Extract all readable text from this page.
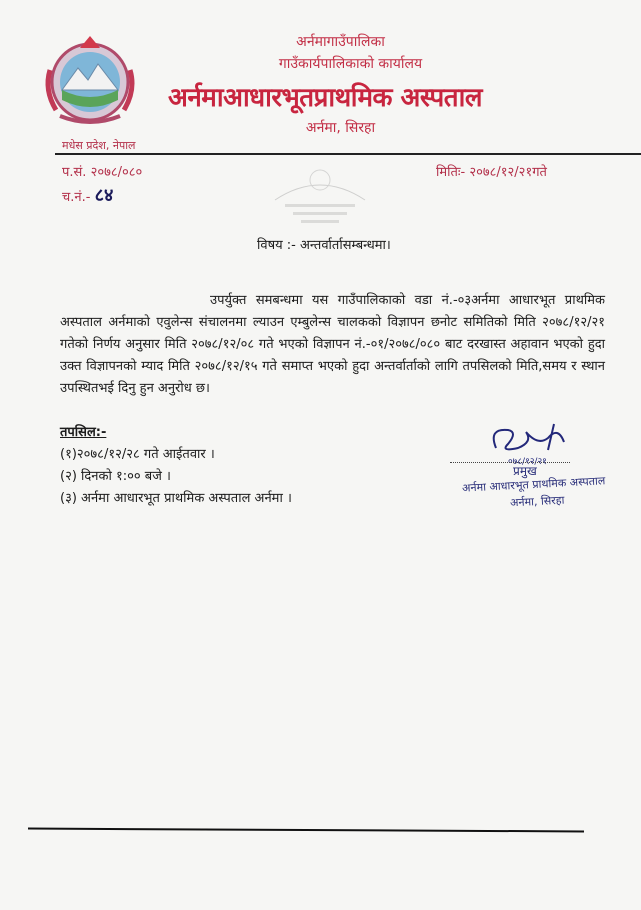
मधेस प्रदेश, नेपाल
अर्नमागाउँपालिका
गाउँकार्यपालिकाको कार्यालय
अर्नमाआधारभूतप्राथमिक अस्पताल
अर्नमा, सिरहा
प.सं. २०७८/०८०
च.नं.- ८४
मितिः- २०७८/१२/२१गते
विषय :- अन्तर्वार्तासम्बन्धमा।

उपर्युक्त समबन्धमा यस गाउँपालिकाको वडा नं.-०३अर्नमा आधारभूत प्राथमिक अस्पताल अर्नमाको एवुलेन्स संचालनमा ल्याउन एम्बुलेन्स चालकको विज्ञापन छनोट समितिको मिति २०७८/१२/२१ गतेको निर्णय अनुसार मिति २०७८/१२/०८ गते भएको विज्ञापन नं.-०१/२०७८/०८० बाट दरखास्त अहावान भएको हुदा उक्त विज्ञापनको म्याद मिति २०७८/१२/१५ गते समाप्त भएको हुदा अन्तर्वार्ताको लागि तपसिलको मिति,समय र स्थान उपस्थितभई दिनु हुन अनुरोध छ।

तपसिल:-
(१)२०७८/१२/२८ गते आईतवार ।
(२) दिनको १:०० बजे ।
(३) अर्नमा आधारभूत प्राथमिक अस्पताल अर्नमा ।
०७८/१२/२१
प्रमुख
अर्नमा आधारभूत प्राथमिक अस्पताल
अर्नमा, सिरहा
